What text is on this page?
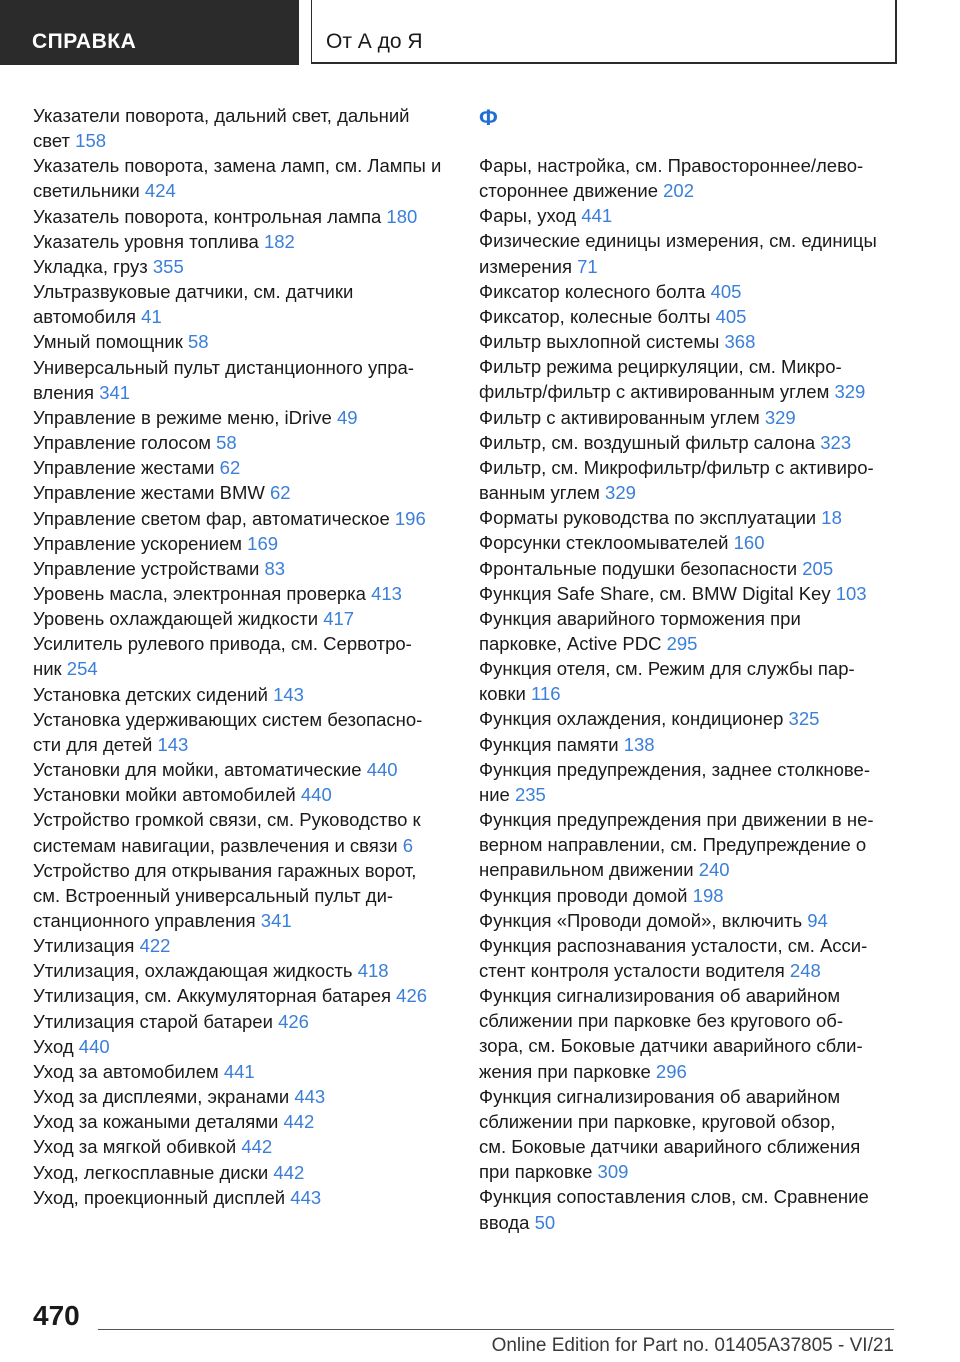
СПРАВКА	От А до Я
Указатели поворота, дальний свет, дальний
свет 158
Указатель поворота, замена ламп, см. Лампы и
светильники 424
Указатель поворота, контрольная лампа 180
Указатель уровня топлива 182
Укладка, груз 355
Ультразвуковые датчики, см. датчики
автомобиля 41
Умный помощник 58
Универсальный пульт дистанционного упра-
вления 341
Управление в режиме меню, iDrive 49
Управление голосом 58
Управление жестами 62
Управление жестами BMW 62
Управление светом фар, автоматическое 196
Управление ускорением 169
Управление устройствами 83
Уровень масла, электронная проверка 413
Уровень охлаждающей жидкости 417
Усилитель рулевого привода, см. Сервотро-
ник 254
Установка детских сидений 143
Установка удерживающих систем безопасно-
сти для детей 143
Установки для мойки, автоматические 440
Установки мойки автомобилей 440
Устройство громкой связи, см. Руководство к
системам навигации, развлечения и связи 6
Устройство для открывания гаражных ворот,
см. Встроенный универсальный пульт ди-
станционного управления 341
Утилизация 422
Утилизация, охлаждающая жидкость 418
Утилизация, см. Аккумуляторная батарея 426
Утилизация старой батареи 426
Уход 440
Уход за автомобилем 441
Уход за дисплеями, экранами 443
Уход за кожаными деталями 442
Уход за мягкой обивкой 442
Уход, легкосплавные диски 442
Уход, проекционный дисплей 443
Ф
Фары, настройка, см. Правостороннее/лево-
стороннее движение 202
Фары, уход 441
Физические единицы измерения, см. единицы
измерения 71
Фиксатор колесного болта 405
Фиксатор, колесные болты 405
Фильтр выхлопной системы 368
Фильтр режима рециркуляции, см. Микро-
фильтр/фильтр с активированным углем 329
Фильтр с активированным углем 329
Фильтр, см. воздушный фильтр салона 323
Фильтр, см. Микрофильтр/фильтр с активиро-
ванным углем 329
Форматы руководства по эксплуатации 18
Форсунки стеклоомывателей 160
Фронтальные подушки безопасности 205
Функция Safe Share, см. BMW Digital Key 103
Функция аварийного торможения при
парковке, Active PDC 295
Функция отеля, см. Режим для службы пар-
ковки 116
Функция охлаждения, кондиционер 325
Функция памяти 138
Функция предупреждения, заднее столкнове-
ние 235
Функция предупреждения при движении в не-
верном направлении, см. Предупреждение о
неправильном движении 240
Функция проводи домой 198
Функция «Проводи домой», включить 94
Функция распознавания усталости, см. Асси-
стент контроля усталости водителя 248
Функция сигнализирования об аварийном
сближении при парковке без кругового об-
зора, см. Боковые датчики аварийного сбли-
жения при парковке 296
Функция сигнализирования об аварийном
сближении при парковке, круговой обзор,
см. Боковые датчики аварийного сближения
при парковке 309
Функция сопоставления слов, см. Сравнение
ввода 50
470
Online Edition for Part no. 01405A37805 - VI/21
